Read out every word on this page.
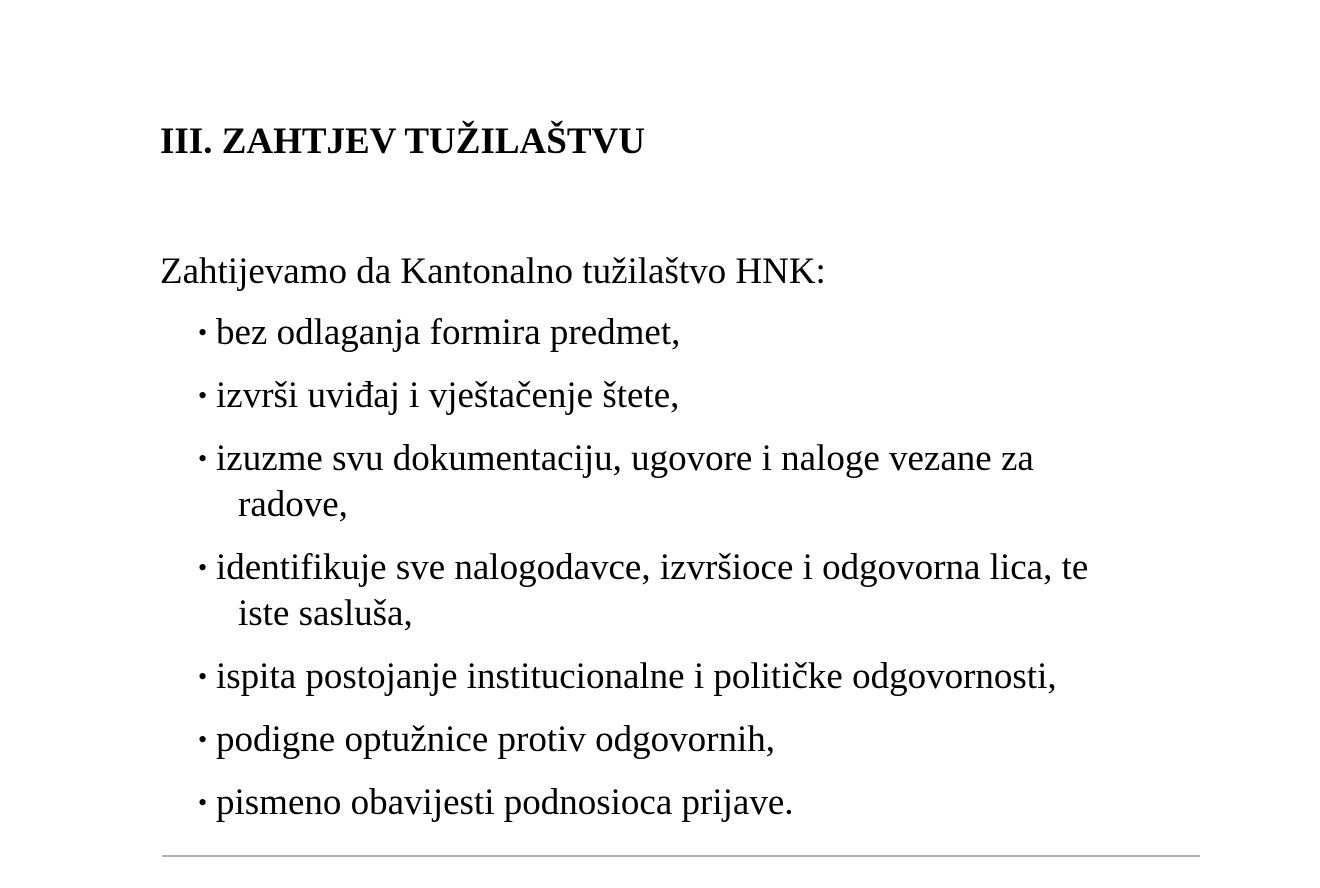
III. ZAHTJEV TUŽILAŠTVU

Zahtijevamo da Kantonalno tužilaštvo HNK:

• bez odlaganja formira predmet,
• izvrši uviđaj i vještačenje štete,
• izuzme svu dokumentaciju, ugovore i naloge vezane za
radove,
• identifikuje sve nalogodavce, izvršioce i odgovorna lica, te
iste sasluša,
• ispita postojanje institucionalne i političke odgovornosti,
• podigne optužnice protiv odgovornih,
• pismeno obavijesti podnosioca prijave.
